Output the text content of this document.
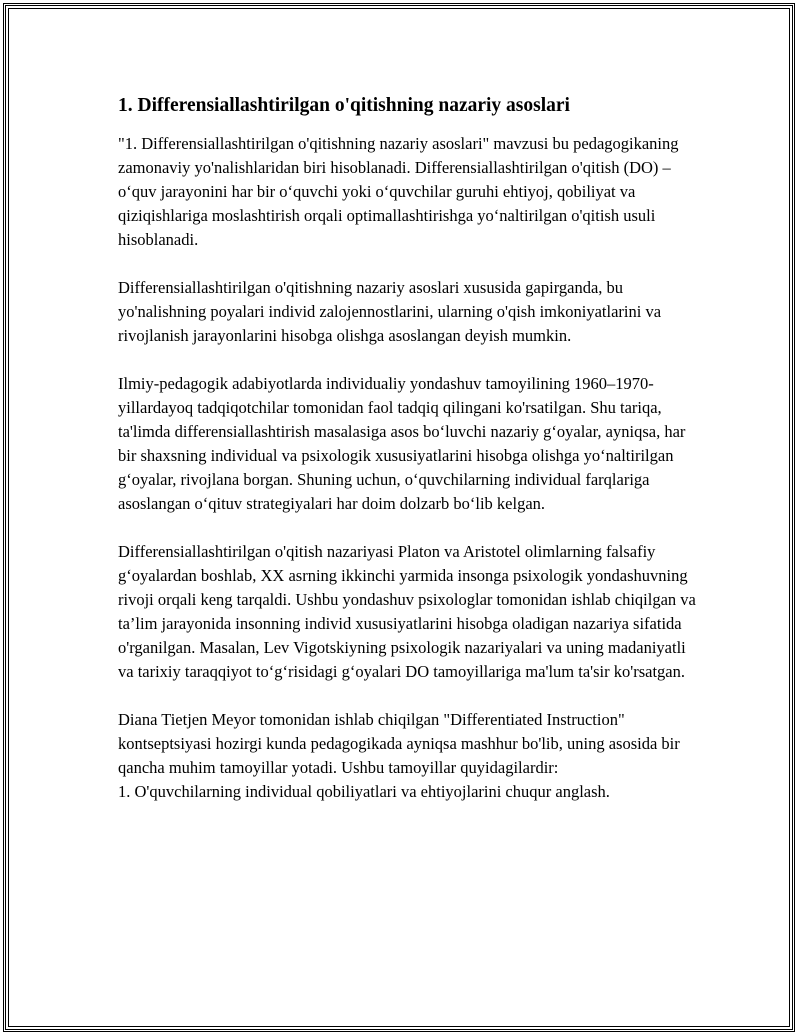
1. Differensiallashtirilgan o'qitishning nazariy asoslari

"1. Differensiallashtirilgan o'qitishning nazariy asoslari" mavzusi bu pedagogikaning zamonaviy yo'nalishlaridan biri hisoblanadi. Differensiallashtirilgan o'qitish (DO) – o‘quv jarayonini har bir o‘quvchi yoki o‘quvchilar guruhi ehtiyoj, qobiliyat va qiziqishlariga moslashtirish orqali optimallashtirishga yo‘naltirilgan o'qitish usuli hisoblanadi.

Differensiallashtirilgan o'qitishning nazariy asoslari xususida gapirganda, bu yo'nalishning poyalari individ zalojennostlarini, ularning o'qish imkoniyatlarini va rivojlanish jarayonlarini hisobga olishga asoslangan deyish mumkin.

Ilmiy-pedagogik adabiyotlarda individualiy yondashuv tamoyilining 1960–1970-yillardayoq tadqiqotchilar tomonidan faol tadqiq qilingani ko'rsatilgan. Shu tariqa, ta'limda differensiallashtirish masalasiga asos bo‘luvchi nazariy g‘oyalar, ayniqsa, har bir shaxsning individual va psixologik xususiyatlarini hisobga olishga yo‘naltirilgan g‘oyalar, rivojlana borgan. Shuning uchun, o‘quvchilarning individual farqlariga asoslangan o‘qituv strategiyalari har doim dolzarb bo‘lib kelgan.

Differensiallashtirilgan o'qitish nazariyasi Platon va Aristotel olimlarning falsafiy g‘oyalardan boshlab, XX asrning ikkinchi yarmida insonga psixologik yondashuvning rivoji orqali keng tarqaldi. Ushbu yondashuv psixologlar tomonidan ishlab chiqilgan va ta’lim jarayonida insonning individ xususiyatlarini hisobga oladigan nazariya sifatida o'rganilgan. Masalan, Lev Vigotskiyning psixologik nazariyalari va uning madaniyatli va tarixiy taraqqiyot to‘g‘risidagi g‘oyalari DO tamoyillariga ma'lum ta'sir ko'rsatgan.

Diana Tietjen Meyor tomonidan ishlab chiqilgan "Differentiated Instruction" kontseptsiyasi hozirgi kunda pedagogikada ayniqsa mashhur bo'lib, uning asosida bir qancha muhim tamoyillar yotadi. Ushbu tamoyillar quyidagilardir:

1. O'quvchilarning individual qobiliyatlari va ehtiyojlarini chuqur anglash.
